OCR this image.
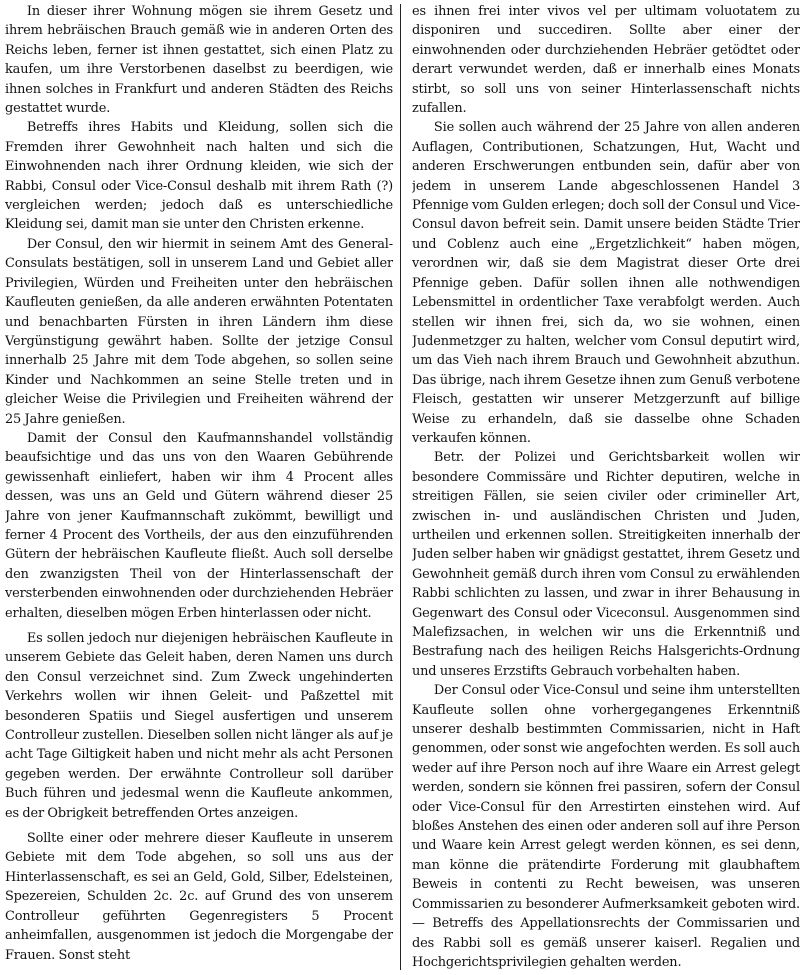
In dieser ihrer Wohnung mögen sie ihrem Gesetz und ihrem hebräischen Brauch gemäß wie in anderen Orten des Reichs leben, ferner ist ihnen gestattet, sich einen Platz zu kaufen, um ihre Verstorbenen daselbst zu beerdigen, wie ihnen solches in Frankfurt und anderen Städten des Reichs gestattet wurde.

Betreffs ihres Habits und Kleidung, sollen sich die Fremden ihrer Gewohnheit nach halten und sich die Einwohnenden nach ihrer Ordnung kleiden, wie sich der Rabbi, Consul oder Vice-Consul deshalb mit ihrem Rath (?) vergleichen werden; jedoch daß es unterschiedliche Kleidung sei, damit man sie unter den Christen erkenne.

Der Consul, den wir hiermit in seinem Amt des General-Consulats bestätigen, soll in unserem Land und Gebiet aller Privilegien, Würden und Freiheiten unter den hebräischen Kaufleuten genießen, da alle anderen erwähnten Potentaten und benachbarten Fürsten in ihren Ländern ihm diese Vergünstigung gewährt haben. Sollte der jetzige Consul innerhalb 25 Jahre mit dem Tode abgehen, so sollen seine Kinder und Nachkommen an seine Stelle treten und in gleicher Weise die Privilegien und Freiheiten während der 25 Jahre genießen.

Damit der Consul den Kaufmannshandel vollständig beaufsichtige und das uns von den Waaren Gebührende gewissenhaft einliefert, haben wir ihm 4 Procent alles dessen, was uns an Geld und Gütern während dieser 25 Jahre von jener Kaufmannschaft zukömmt, bewilligt und ferner 4 Procent des Vortheils, der aus den einzuführenden Gütern der hebräischen Kaufleute fließt. Auch soll derselbe den zwanzigsten Theil von der Hinterlassenschaft der versterbenden einwohnenden oder durchziehenden Hebräer erhalten, dieselben mögen Erben hinterlassen oder nicht.

Es sollen jedoch nur diejenigen hebräischen Kaufleute in unserem Gebiete das Geleit haben, deren Namen uns durch den Consul verzeichnet sind. Zum Zweck ungehinderten Verkehrs wollen wir ihnen Geleit- und Paßzettel mit besonderen Spatiis und Siegel ausfertigen und unserem Controlleur zustellen. Dieselben sollen nicht länger als auf je acht Tage Giltigkeit haben und nicht mehr als acht Personen gegeben werden. Der erwähnte Controlleur soll darüber Buch führen und jedesmal wenn die Kaufleute ankommen, es der Obrigkeit betreffenden Ortes anzeigen.

Sollte einer oder mehrere dieser Kaufleute in unserem Gebiete mit dem Tode abgehen, so soll uns aus der Hinterlassenschaft, es sei an Geld, Gold, Silber, Edelsteinen, Spezereien, Schulden 2c. 2c. auf Grund des von unserem Controlleur geführten Gegenregisters 5 Procent anheimfallen, ausgenommen ist jedoch die Morgengabe der Frauen. Sonst steht

es ihnen frei inter vivos vel per ultimam voluotatem zu disponiren und succediren. Sollte aber einer der einwohnenden oder durchziehenden Hebräer getödtet oder derart verwundet werden, daß er innerhalb eines Monats stirbt, so soll uns von seiner Hinterlassenschaft nichts zufallen.

Sie sollen auch während der 25 Jahre von allen anderen Auflagen, Contributionen, Schatzungen, Hut, Wacht und anderen Erschwerungen entbunden sein, dafür aber von jedem in unserem Lande abgeschlossenen Handel 3 Pfennige vom Gulden erlegen; doch soll der Consul und Vice-Consul davon befreit sein. Damit unsere beiden Städte Trier und Coblenz auch eine „Ergetzlichkeit“ haben mögen, verordnen wir, daß sie dem Magistrat dieser Orte drei Pfennige geben. Dafür sollen ihnen alle nothwendigen Lebensmittel in ordentlicher Taxe verabfolgt werden. Auch stellen wir ihnen frei, sich da, wo sie wohnen, einen Judenmetzger zu halten, welcher vom Consul deputirt wird, um das Vieh nach ihrem Brauch und Gewohnheit abzuthun. Das übrige, nach ihrem Gesetze ihnen zum Genuß verbotene Fleisch, gestatten wir unserer Metzgerzunft auf billige Weise zu erhandeln, daß sie dasselbe ohne Schaden verkaufen können.

Betr. der Polizei und Gerichtsbarkeit wollen wir besondere Commissäre und Richter deputiren, welche in streitigen Fällen, sie seien civiler oder crimineller Art, zwischen in- und ausländischen Christen und Juden, urtheilen und erkennen sollen. Streitigkeiten innerhalb der Juden selber haben wir gnädigst gestattet, ihrem Gesetz und Gewohnheit gemäß durch ihren vom Consul zu erwählenden Rabbi schlichten zu lassen, und zwar in ihrer Behausung in Gegenwart des Consul oder Viceconsul. Ausgenommen sind Malefizsachen, in welchen wir uns die Erkenntniß und Bestrafung nach des heiligen Reichs Halsgerichts-Ordnung und unseres Erzstifts Gebrauch vorbehalten haben.

Der Consul oder Vice-Consul und seine ihm unterstellten Kaufleute sollen ohne vorhergegangenes Erkenntniß unserer deshalb bestimmten Commissarien, nicht in Haft genommen, oder sonst wie angefochten werden. Es soll auch weder auf ihre Person noch auf ihre Waare ein Arrest gelegt werden, sondern sie können frei passiren, sofern der Consul oder Vice-Consul für den Arrestirten einstehen wird. Auf bloßes Anstehen des einen oder anderen soll auf ihre Person und Waare kein Arrest gelegt werden können, es sei denn, man könne die prätendirte Forderung mit glaubhaftem Beweis in contenti zu Recht beweisen, was unseren Commissarien zu besonderer Aufmerksamkeit geboten wird. — Betreffs des Appellationsrechts der Commissarien und des Rabbi soll es gemäß unserer kaiserl. Regalien und Hochgerichtsprivilegien gehalten werden.
